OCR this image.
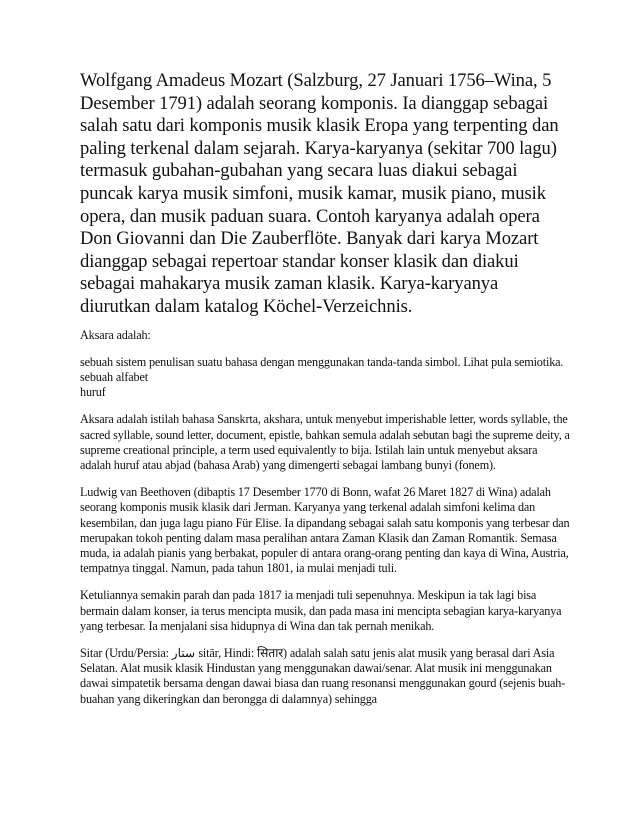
Wolfgang Amadeus Mozart (Salzburg, 27 Januari 1756–Wina, 5 Desember 1791) adalah seorang komponis. Ia dianggap sebagai salah satu dari komponis musik klasik Eropa yang terpenting dan paling terkenal dalam sejarah. Karya-karyanya (sekitar 700 lagu) termasuk gubahan-gubahan yang secara luas diakui sebagai puncak karya musik simfoni, musik kamar, musik piano, musik opera, dan musik paduan suara. Contoh karyanya adalah opera Don Giovanni dan Die Zauberflöte. Banyak dari karya Mozart dianggap sebagai repertoar standar konser klasik dan diakui sebagai mahakarya musik zaman klasik. Karya-karyanya diurutkan dalam katalog Köchel-Verzeichnis.

Aksara adalah:

sebuah sistem penulisan suatu bahasa dengan menggunakan tanda-tanda simbol. Lihat pula semiotika.

sebuah alfabet

huruf

Aksara adalah istilah bahasa Sanskrta, akshara, untuk menyebut imperishable letter, words syllable, the sacred syllable, sound letter, document, epistle, bahkan semula adalah sebutan bagi the supreme deity, a supreme creational principle, a term used equivalently to bija. Istilah lain untuk menyebut aksara adalah huruf atau abjad (bahasa Arab) yang dimengerti sebagai lambang bunyi (fonem).

Ludwig van Beethoven (dibaptis 17 Desember 1770 di Bonn, wafat 26 Maret 1827 di Wina) adalah seorang komponis musik klasik dari Jerman. Karyanya yang terkenal adalah simfoni kelima dan kesembilan, dan juga lagu piano Für Elise. Ia dipandang sebagai salah satu komponis yang terbesar dan merupakan tokoh penting dalam masa peralihan antara Zaman Klasik dan Zaman Romantik. Semasa muda, ia adalah pianis yang berbakat, populer di antara orang-orang penting dan kaya di Wina, Austria, tempatnya tinggal. Namun, pada tahun 1801, ia mulai menjadi tuli.

Ketuliannya semakin parah dan pada 1817 ia menjadi tuli sepenuhnya. Meskipun ia tak lagi bisa bermain dalam konser, ia terus mencipta musik, dan pada masa ini mencipta sebagian karya-karyanya yang terbesar. Ia menjalani sisa hidupnya di Wina dan tak pernah menikah.

Sitar (Urdu/Persia: ستار sitār, Hindi: सितार) adalah salah satu jenis alat musik yang berasal dari Asia Selatan. Alat musik klasik Hindustan yang menggunakan dawai/senar. Alat musik ini menggunakan dawai simpatetik bersama dengan dawai biasa dan ruang resonansi menggunakan gourd (sejenis buah-buahan yang dikeringkan dan berongga di dalamnya) sehingga
